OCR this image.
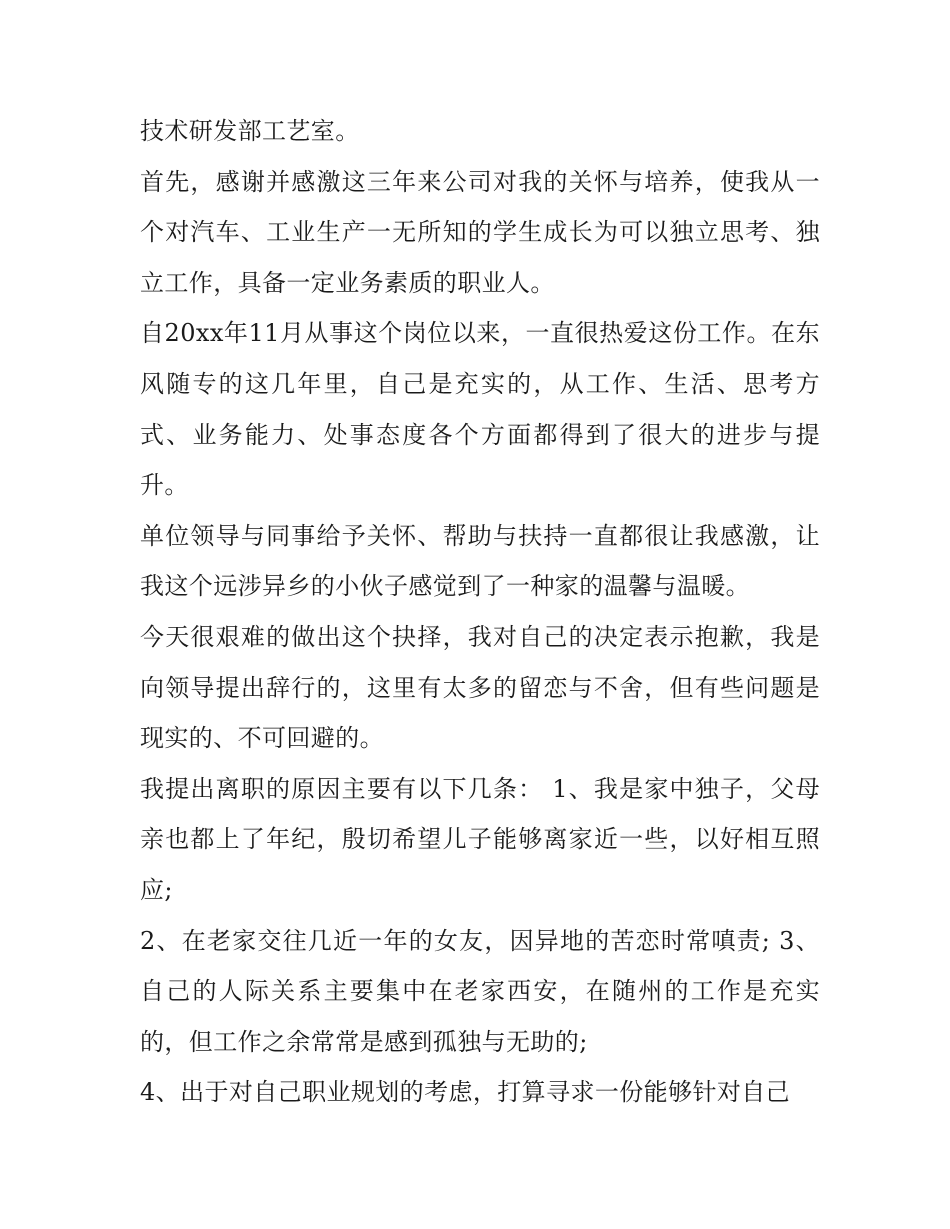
技术研发部工艺室。

首先，感谢并感激这三年来公司对我的关怀与培养，使我从一个对汽车、工业生产一无所知的学生成长为可以独立思考、独立工作，具备一定业务素质的职业人。

自20xx年11月从事这个岗位以来，一直很热爱这份工作。在东风随专的这几年里，自己是充实的，从工作、生活、思考方式、业务能力、处事态度各个方面都得到了很大的进步与提升。

单位领导与同事给予关怀、帮助与扶持一直都很让我感激，让我这个远涉异乡的小伙子感觉到了一种家的温馨与温暖。

今天很艰难的做出这个抉择，我对自己的决定表示抱歉，我是向领导提出辞行的，这里有太多的留恋与不舍，但有些问题是现实的、不可回避的。

我提出离职的原因主要有以下几条： 1、我是家中独子，父母亲也都上了年纪，殷切希望儿子能够离家近一些，以好相互照应;

2、在老家交往几近一年的女友，因异地的苦恋时常嗔责; 3、自己的人际关系主要集中在老家西安，在随州的工作是充实的，但工作之余常常是感到孤独与无助的;

4、出于对自己职业规划的考虑，打算寻求一份能够针对自己
